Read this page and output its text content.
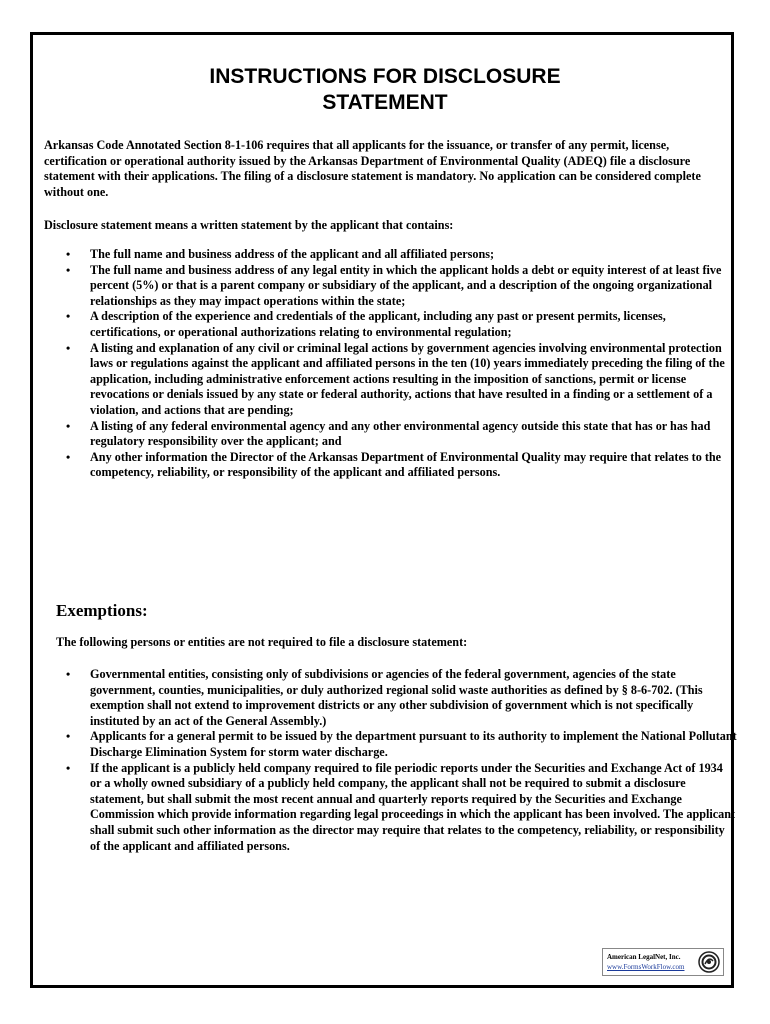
INSTRUCTIONS FOR DISCLOSURE
STATEMENT

Arkansas Code Annotated Section 8-1-106 requires that all applicants for the issuance, or transfer of any permit, license, certification or operational authority issued by the Arkansas Department of Environmental Quality (ADEQ) file a disclosure statement with their applications. The filing of a disclosure statement is mandatory. No application can be considered complete without one.

Disclosure statement means a written statement by the applicant that contains:

• The full name and business address of the applicant and all affiliated persons;
• The full name and business address of any legal entity in which the applicant holds a debt or equity interest of at least five percent (5%) or that is a parent company or subsidiary of the applicant, and a description of the ongoing organizational relationships as they may impact operations within the state;
• A description of the experience and credentials of the applicant, including any past or present permits, licenses, certifications, or operational authorizations relating to environmental regulation;
• A listing and explanation of any civil or criminal legal actions by government agencies involving environmental protection laws or regulations against the applicant and affiliated persons in the ten (10) years immediately preceding the filing of the application, including administrative enforcement actions resulting in the imposition of sanctions, permit or license revocations or denials issued by any state or federal authority, actions that have resulted in a finding or a settlement of a violation, and actions that are pending;
• A listing of any federal environmental agency and any other environmental agency outside this state that has or has had regulatory responsibility over the applicant; and
• Any other information the Director of the Arkansas Department of Environmental Quality may require that relates to the competency, reliability, or responsibility of the applicant and affiliated persons.
Exemptions:

The following persons or entities are not required to file a disclosure statement:

• Governmental entities, consisting only of subdivisions or agencies of the federal government, agencies of the state government, counties, municipalities, or duly authorized regional solid waste authorities as defined by § 8-6-702. (This exemption shall not extend to improvement districts or any other subdivision of government which is not specifically instituted by an act of the General Assembly.)
• Applicants for a general permit to be issued by the department pursuant to its authority to implement the National Pollutant Discharge Elimination System for storm water discharge.
• If the applicant is a publicly held company required to file periodic reports under the Securities and Exchange Act of 1934 or a wholly owned subsidiary of a publicly held company, the applicant shall not be required to submit a disclosure statement, but shall submit the most recent annual and quarterly reports required by the Securities and Exchange Commission which provide information regarding legal proceedings in which the applicant has been involved. The applicant shall submit such other information as the director may require that relates to the competency, reliability, or responsibility of the applicant and affiliated persons.
American LegalNet, Inc.
www.FormsWorkFlow.com
